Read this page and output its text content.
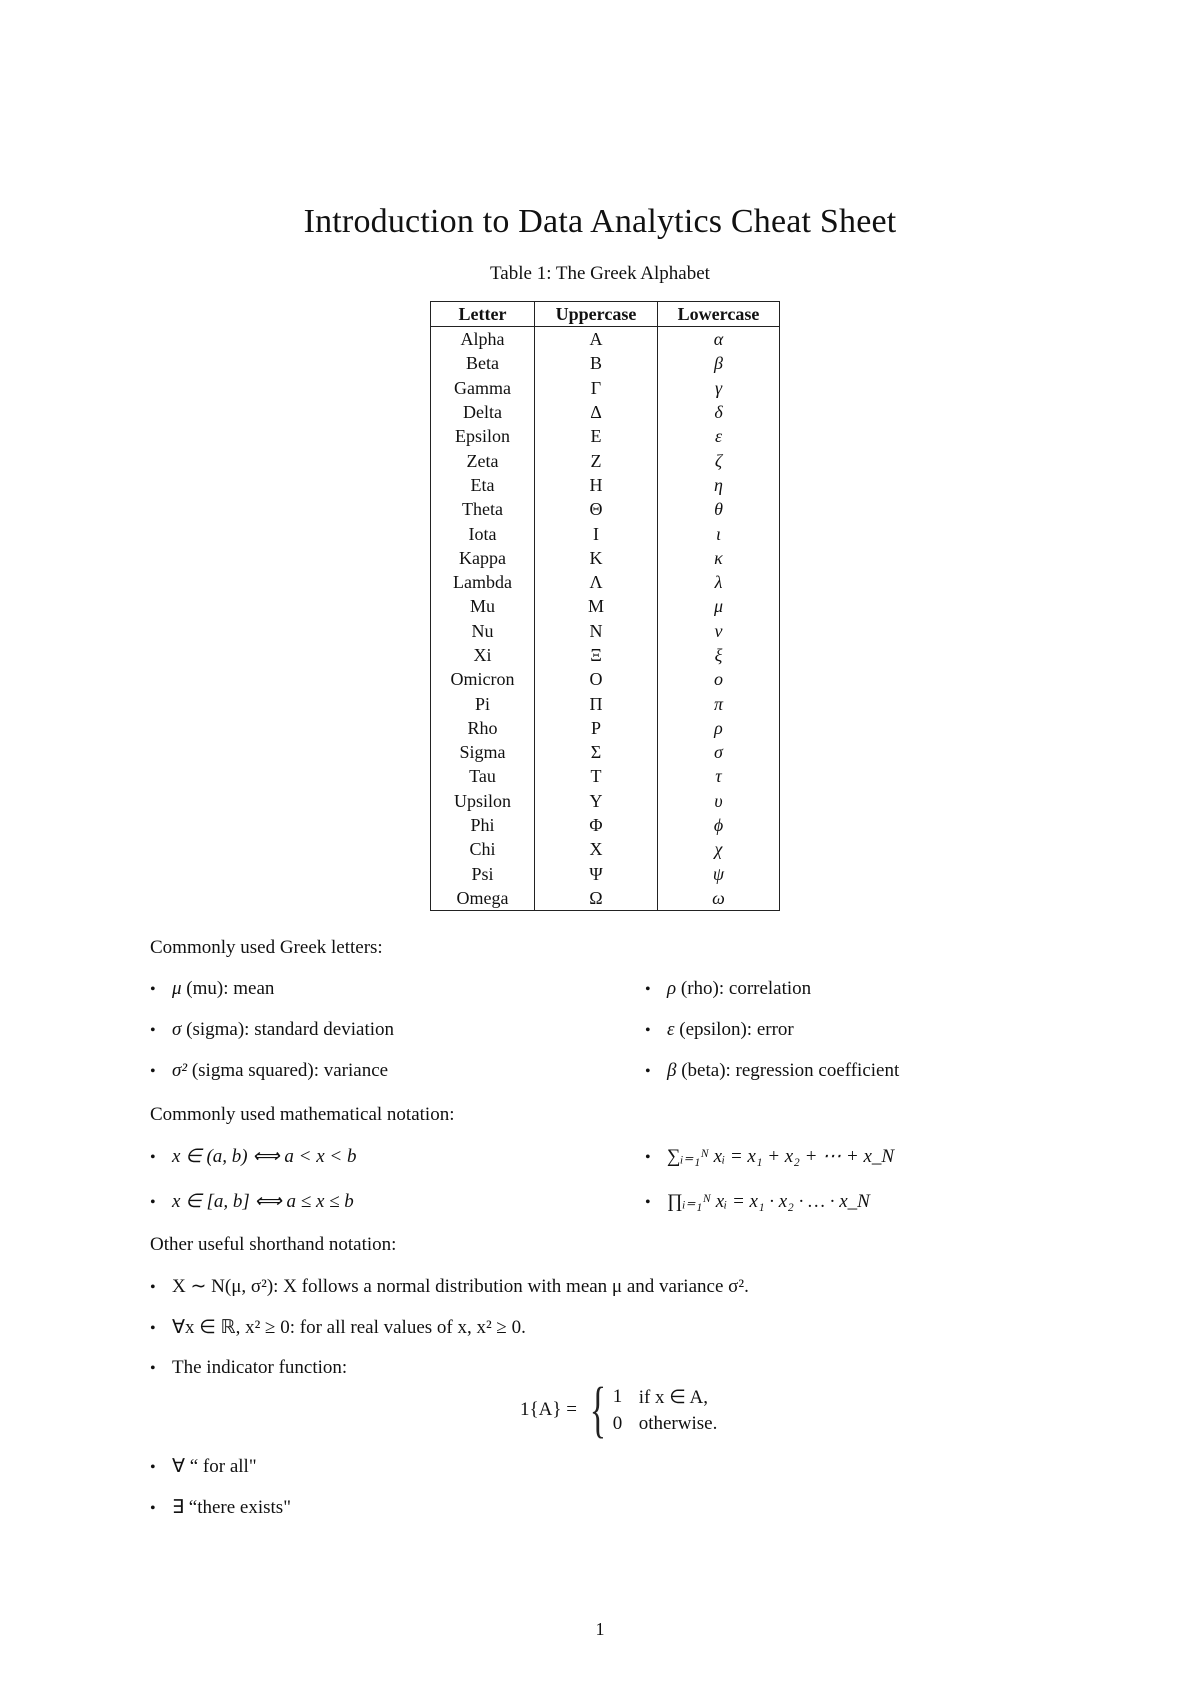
Introduction to Data Analytics Cheat Sheet
Table 1: The Greek Alphabet
Letter	Uppercase	Lowercase
Alpha	A	α
Beta	B	β
Gamma	Γ	γ
Delta	Δ	δ
Epsilon	E	ε
Zeta	Z	ζ
Eta	H	η
Theta	Θ	θ
Iota	I	ι
Kappa	K	κ
Lambda	Λ	λ
Mu	M	μ
Nu	N	ν
Xi	Ξ	ξ
Omicron	O	o
Pi	Π	π
Rho	P	ρ
Sigma	Σ	σ
Tau	T	τ
Upsilon	Υ	υ
Phi	Φ	ϕ
Chi	X	χ
Psi	Ψ	ψ
Omega	Ω	ω
Commonly used Greek letters:
• μ (mu): mean
• σ (sigma): standard deviation
• σ² (sigma squared): variance
• ρ (rho): correlation
• ε (epsilon): error
• β (beta): regression coefficient
Commonly used mathematical notation:
• x ∈ (a, b) ⟺ a < x < b
• x ∈ [a, b] ⟺ a ≤ x ≤ b
• ∑ᵢ₌₁ᴺ xᵢ = x₁ + x₂ + ⋯ + x_N
• ∏ᵢ₌₁ᴺ xᵢ = x₁ · x₂ · … · x_N
Other useful shorthand notation:
• X ∼ N(μ, σ²): X follows a normal distribution with mean μ and variance σ².
• ∀x ∈ ℝ, x² ≥ 0: for all real values of x, x² ≥ 0.
• The indicator function:
1{A} = { 1 if x ∈ A,
0 otherwise.
• ∀ “ for all"
• ∃ “there exists"
1
